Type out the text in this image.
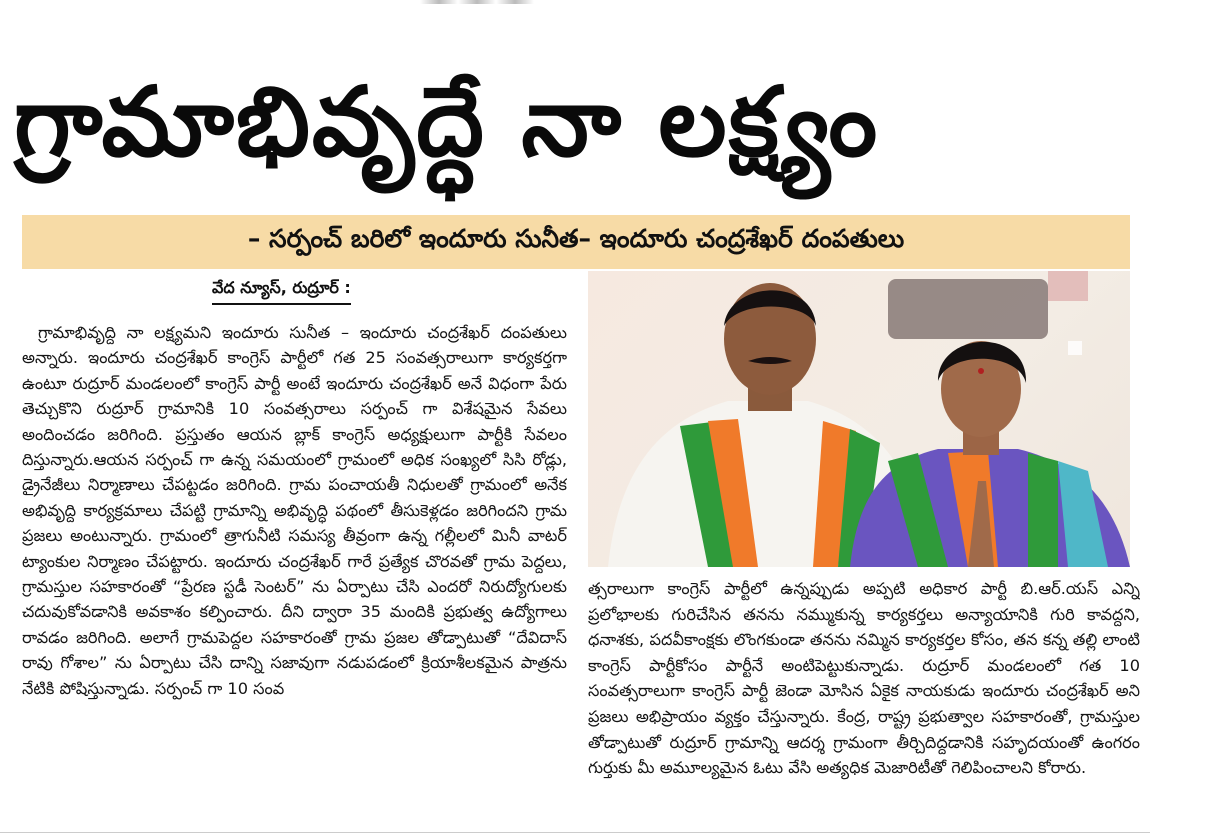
గ్రామాభివృద్ధే నా లక్ష్యం
– సర్పంచ్ బరిలో ఇందూరు సునీత– ఇందూరు చంద్రశేఖర్ దంపతులు
వేద న్యూస్, రుద్రూర్ :

గ్రామాభివృద్ది నా లక్ష్యమని ఇందూరు సునీత – ఇందూరు చంద్రశేఖర్ దంపతులు అన్నారు. ఇందూరు చంద్రశేఖర్ కాంగ్రెస్ పార్టీలో గత 25 సంవత్సరాలుగా కార్యకర్తగా ఉంటూ రుద్రూర్ మండలంలో కాంగ్రెస్ పార్టీ అంటే ఇందూరు చంద్రశేఖర్ అనే విధంగా పేరు తెచ్చుకొని రుద్రూర్ గ్రామానికి 10 సంవత్సరాలు సర్పంచ్ గా విశేషమైన సేవలు అందించడం జరిగింది. ప్రస్తుతం ఆయన బ్లాక్ కాంగ్రెస్ అధ్యక్షులుగా పార్టీకి సేవలం దిస్తున్నారు.ఆయన సర్పంచ్ గా ఉన్న సమయంలో గ్రామంలో అధిక సంఖ్యలో సిసి రోడ్లు, డ్రైనేజీలు నిర్మాణాలు చేపట్టడం జరిగింది. గ్రామ పంచాయతీ నిధులతో గ్రామంలో అనేక అభివృద్ది కార్యక్రమాలు చేపట్టి గ్రామాన్ని అభివృద్ధి పథంలో తీసుకెళ్లడం జరిగిందని గ్రామ ప్రజలు అంటున్నారు. గ్రామంలో త్రాగునీటి సమస్య తీవ్రంగా ఉన్న గల్లీలలో మినీ వాటర్ ట్యాంకుల నిర్మాణం చేపట్టారు. ఇందూరు చంద్రశేఖర్ గారే ప్రత్యేక చొరవతో గ్రామ పెద్దలు, గ్రామస్తుల సహకారంతో “ప్రేరణ స్టడీ సెంటర్” ను ఏర్పాటు చేసి ఎందరో నిరుద్యోగులకు చదువుకోవడానికి అవకాశం కల్పించారు. దీని ద్వారా 35 మందికి ప్రభుత్వ ఉద్యోగాలు రావడం జరిగింది. అలాగే గ్రామపెద్దల సహకారంతో గ్రామ ప్రజల తోడ్పాటుతో “దేవిదాస్ రావు గోశాల” ను ఏర్పాటు చేసి దాన్ని సజావుగా నడుపడంలో క్రియాశీలకమైన పాత్రను నేటికి పోషిస్తున్నాడు. సర్పంచ్ గా 10 సంవ

త్సరాలుగా కాంగ్రెస్ పార్టీలో ఉన్నప్పుడు అప్పటి అధికార పార్టీ బి.ఆర్.యస్ ఎన్ని ప్రలోభాలకు గురిచేసిన తనను నమ్ముకున్న కార్యకర్తలు అన్యాయానికి గురి కావద్దని, ధనాశకు, పదవీకాంక్షకు లొంగకుండా తనను నమ్మిన కార్యకర్తల కోసం, తన కన్న తల్లి లాంటి కాంగ్రెస్ పార్టీకోసం పార్టీనే అంటిపెట్టుకున్నాడు. రుద్రూర్ మండలంలో గత 10 సంవత్సరాలుగా కాంగ్రెస్ పార్టీ జెండా మోసిన ఏకైక నాయకుడు ఇందూరు చంద్రశేఖర్ అని ప్రజలు అభిప్రాయం వ్యక్తం చేస్తున్నారు. కేంద్ర, రాష్ట్ర ప్రభుత్వాల సహకారంతో, గ్రామస్తుల తోడ్పాటుతో రుద్రూర్ గ్రామాన్ని ఆదర్శ గ్రామంగా తీర్చిదిద్దడానికి సహృదయంతో ఉంగరం గుర్తుకు మీ అమూల్యమైన ఓటు వేసి అత్యధిక మెజారిటీతో గెలిపించాలని కోరారు.
